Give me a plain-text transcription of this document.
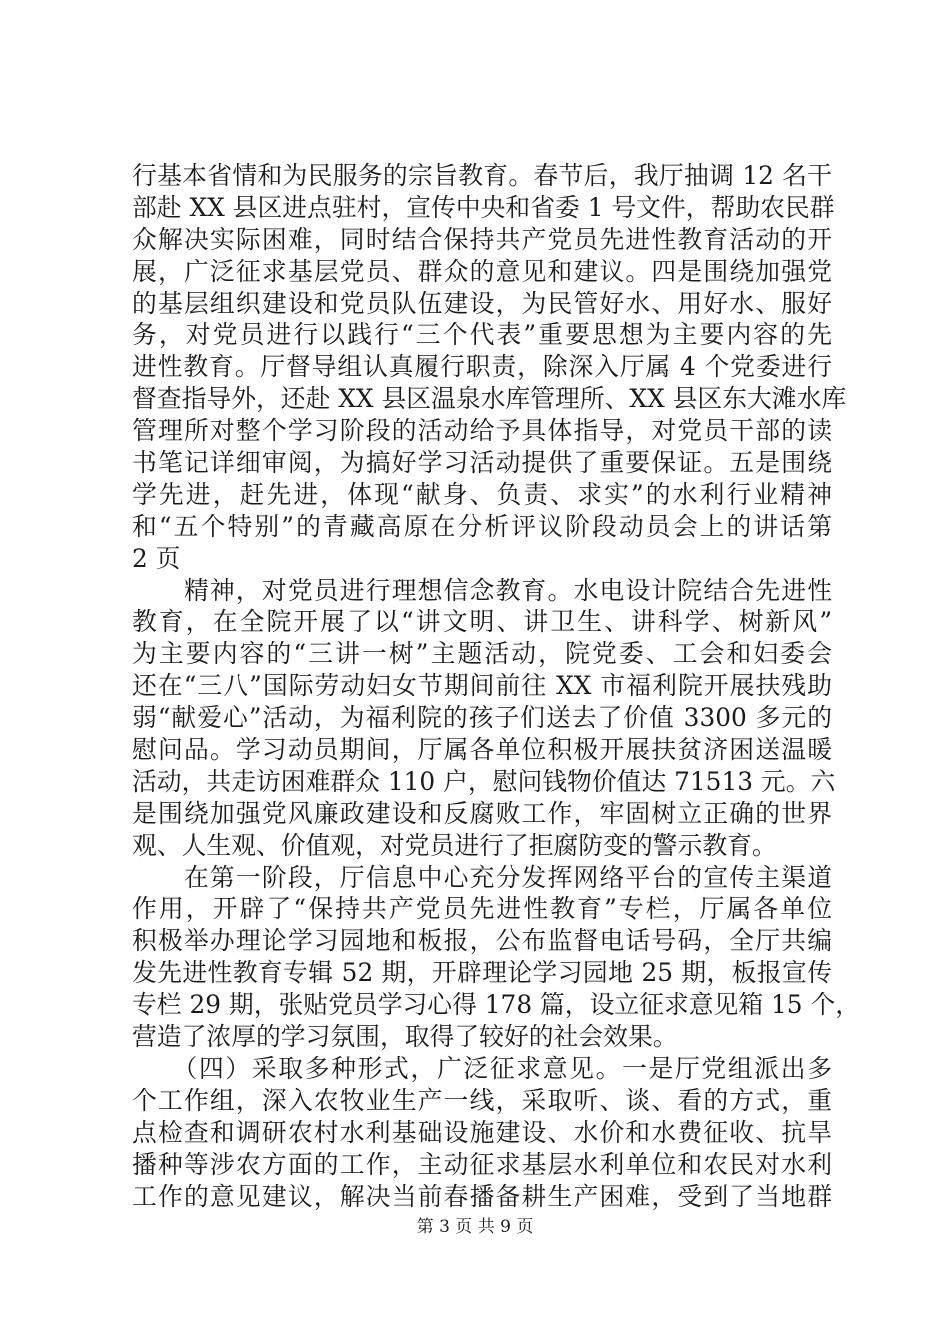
行基本省情和为民服务的宗旨教育。春节后，我厅抽调 12 名干
部赴 XX 县区进点驻村，宣传中央和省委 1 号文件，帮助农民群
众解决实际困难，同时结合保持共产党员先进性教育活动的开
展，广泛征求基层党员、群众的意见和建议。四是围绕加强党
的基层组织建设和党员队伍建设，为民管好水、用好水、服好
务，对党员进行以践行“三个代表”重要思想为主要内容的先
进性教育。厅督导组认真履行职责，除深入厅属 4 个党委进行
督查指导外，还赴 XX 县区温泉水库管理所、XX 县区东大滩水库
管理所对整个学习阶段的活动给予具体指导，对党员干部的读
书笔记详细审阅，为搞好学习活动提供了重要保证。五是围绕
学先进，赶先进，体现“献身、负责、求实”的水利行业精神
和“五个特别”的青藏高原在分析评议阶段动员会上的讲话第
2 页
　　精神，对党员进行理想信念教育。水电设计院结合先进性
教育，在全院开展了以“讲文明、讲卫生、讲科学、树新风”
为主要内容的“三讲一树”主题活动，院党委、工会和妇委会
还在“三八”国际劳动妇女节期间前往 XX 市福利院开展扶残助
弱“献爱心”活动，为福利院的孩子们送去了价值 3300 多元的
慰问品。学习动员期间，厅属各单位积极开展扶贫济困送温暖
活动，共走访困难群众 110 户，慰问钱物价值达 71513 元。六
是围绕加强党风廉政建设和反腐败工作，牢固树立正确的世界
观、人生观、价值观，对党员进行了拒腐防变的警示教育。
　　在第一阶段，厅信息中心充分发挥网络平台的宣传主渠道
作用，开辟了“保持共产党员先进性教育”专栏，厅属各单位
积极举办理论学习园地和板报，公布监督电话号码，全厅共编
发先进性教育专辑 52 期，开辟理论学习园地 25 期，板报宣传
专栏 29 期，张贴党员学习心得 178 篇，设立征求意见箱 15 个，
营造了浓厚的学习氛围，取得了较好的社会效果。
　　（四）采取多种形式，广泛征求意见。一是厅党组派出多
个工作组，深入农牧业生产一线，采取听、谈、看的方式，重
点检查和调研农村水利基础设施建设、水价和水费征收、抗旱
播种等涉农方面的工作，主动征求基层水利单位和农民对水利
工作的意见建议，解决当前春播备耕生产困难，受到了当地群
第 3 页 共 9 页
